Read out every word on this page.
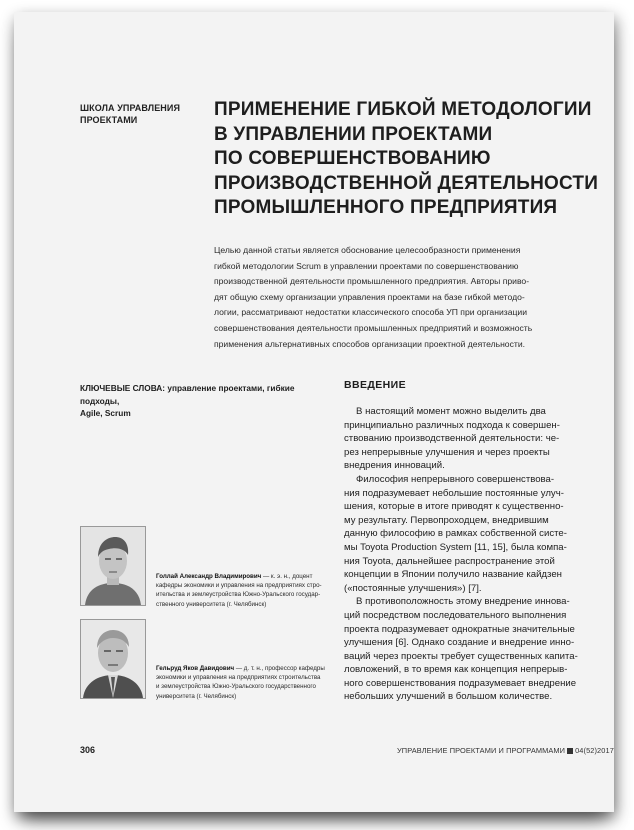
ШКОЛА УПРАВЛЕНИЯ
ПРОЕКТАМИ	ПРИМЕНЕНИЕ ГИБКОЙ МЕТОДОЛОГИИ
В УПРАВЛЕНИИ ПРОЕКТАМИ
ПО СОВЕРШЕНСТВОВАНИЮ
ПРОИЗВОДСТВЕННОЙ ДЕЯТЕЛЬНОСТИ
ПРОМЫШЛЕННОГО ПРЕДПРИЯТИЯ
Целью данной статьи является обоснование целесообразности применения
гибкой методологии Scrum в управлении проектами по совершенствованию
производственной деятельности промышленного предприятия. Авторы приво-
дят общую схему организации управления проектами на базе гибкой методо-
логии, рассматривают недостатки классического способа УП при организации
совершенствования деятельности промышленных предприятий и возможность
применения альтернативных способов организации проектной деятельности.
КЛЮЧЕВЫЕ СЛОВА: управление проектами, гибкие подходы,
Agile, Scrum
ВВЕДЕНИЕ
В настоящий момент можно выделить два
принципиально различных подхода к совершен-
ствованию производственной деятельности: че-
рез непрерывные улучшения и через проекты
внедрения инноваций.
Философия непрерывного совершенствова-
ния подразумевает небольшие постоянные улуч-
шения, которые в итоге приводят к существенно-
му результату. Первопроходцем, внедрившим
данную философию в рамках собственной систе-
мы Toyota Production System [11, 15], была компа-
ния Toyota, дальнейшее распространение этой
концепции в Японии получило название кайдзен
(«постоянные улучшения») [7].
В противоположность этому внедрение иннова-
ций посредством последовательного выполнения
проекта подразумевает однократные значительные
улучшения [6]. Однако создание и внедрение инно-
ваций через проекты требует существенных капита-
ловложений, в то время как концепция непрерыв-
ного совершенствования подразумевает внедрение
небольших улучшений в большом количестве.
Голлай Александр Владимирович — к. э. н., доцент
кафедры экономики и управления на предприятиях стро-
ительства и землеустройства Южно-Уральского государ-
ственного университета (г. Челябинск)
Гельруд Яков Давидович — д. т. н., профессор кафедры
экономики и управления на предприятиях строительства
и землеустройства Южно-Уральского государственного
университета (г. Челябинск)
306	УПРАВЛЕНИЕ ПРОЕКТАМИ И ПРОГРАММАМИ 04(52)2017
